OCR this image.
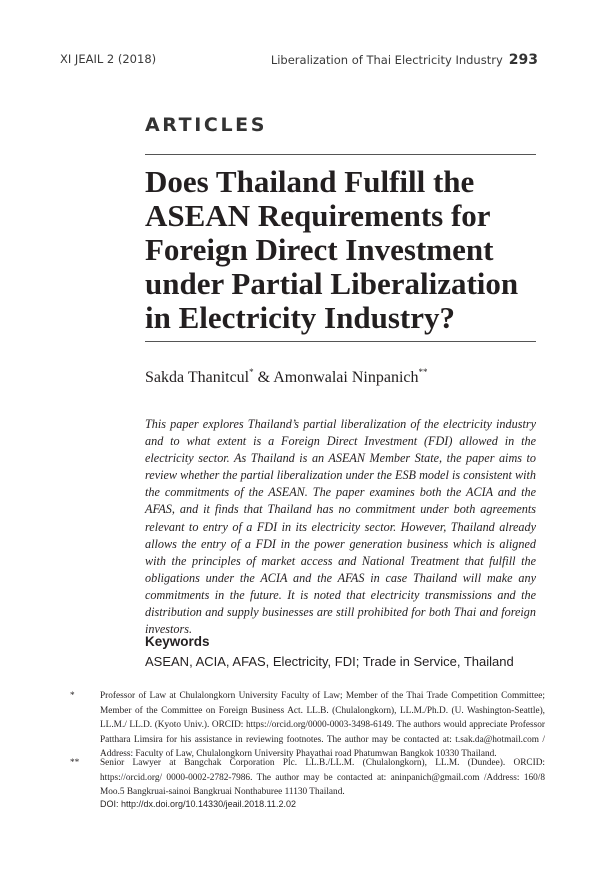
XI JEAIL 2 (2018)	Liberalization of Thai Electricity Industry 293
ARTICLES
Does Thailand Fulfill the ASEAN Requirements for Foreign Direct Investment under Partial Liberalization in Electricity Industry?
Sakda Thanitcul* & Amonwalai Ninpanich**

This paper explores Thailand’s partial liberalization of the electricity industry and to what extent is a Foreign Direct Investment (FDI) allowed in the electricity sector. As Thailand is an ASEAN Member State, the paper aims to review whether the partial liberalization under the ESB model is consistent with the commitments of the ASEAN. The paper examines both the ACIA and the AFAS, and it finds that Thailand has no commitment under both agreements relevant to entry of a FDI in its electricity sector. However, Thailand already allows the entry of a FDI in the power generation business which is aligned with the principles of market access and National Treatment that fulfill the obligations under the ACIA and the AFAS in case Thailand will make any commitments in the future. It is noted that electricity transmissions and the distribution and supply businesses are still prohibited for both Thai and foreign investors.

Keywords
ASEAN, ACIA, AFAS, Electricity, FDI; Trade in Service, Thailand
*	Professor of Law at Chulalongkorn University Faculty of Law; Member of the Thai Trade Competition Committee; Member of the Committee on Foreign Business Act. LL.B. (Chulalongkorn), LL.M./Ph.D. (U. Washington-Seattle), LL.M./ LL.D. (Kyoto Univ.). ORCID: https://orcid.org/0000-0003-3498-6149. The authors would appreciate Professor Patthara Limsira for his assistance in reviewing footnotes. The author may be contacted at: t.sak.da@hotmail.com / Address: Faculty of Law, Chulalongkorn University Phayathai road Phatumwan Bangkok 10330 Thailand.
** Senior Lawyer at Bangchak Corporation Plc. LL.B./LL.M. (Chulalongkorn), LL.M. (Dundee). ORCID: https://orcid.org/ 0000-0002-2782-7986. The author may be contacted at: aninpanich@gmail.com /Address: 160/8 Moo.5 Bangkruai-sainoi Bangkruai Nonthaburee 11130 Thailand.
DOI: http://dx.doi.org/10.14330/jeail.2018.11.2.02
